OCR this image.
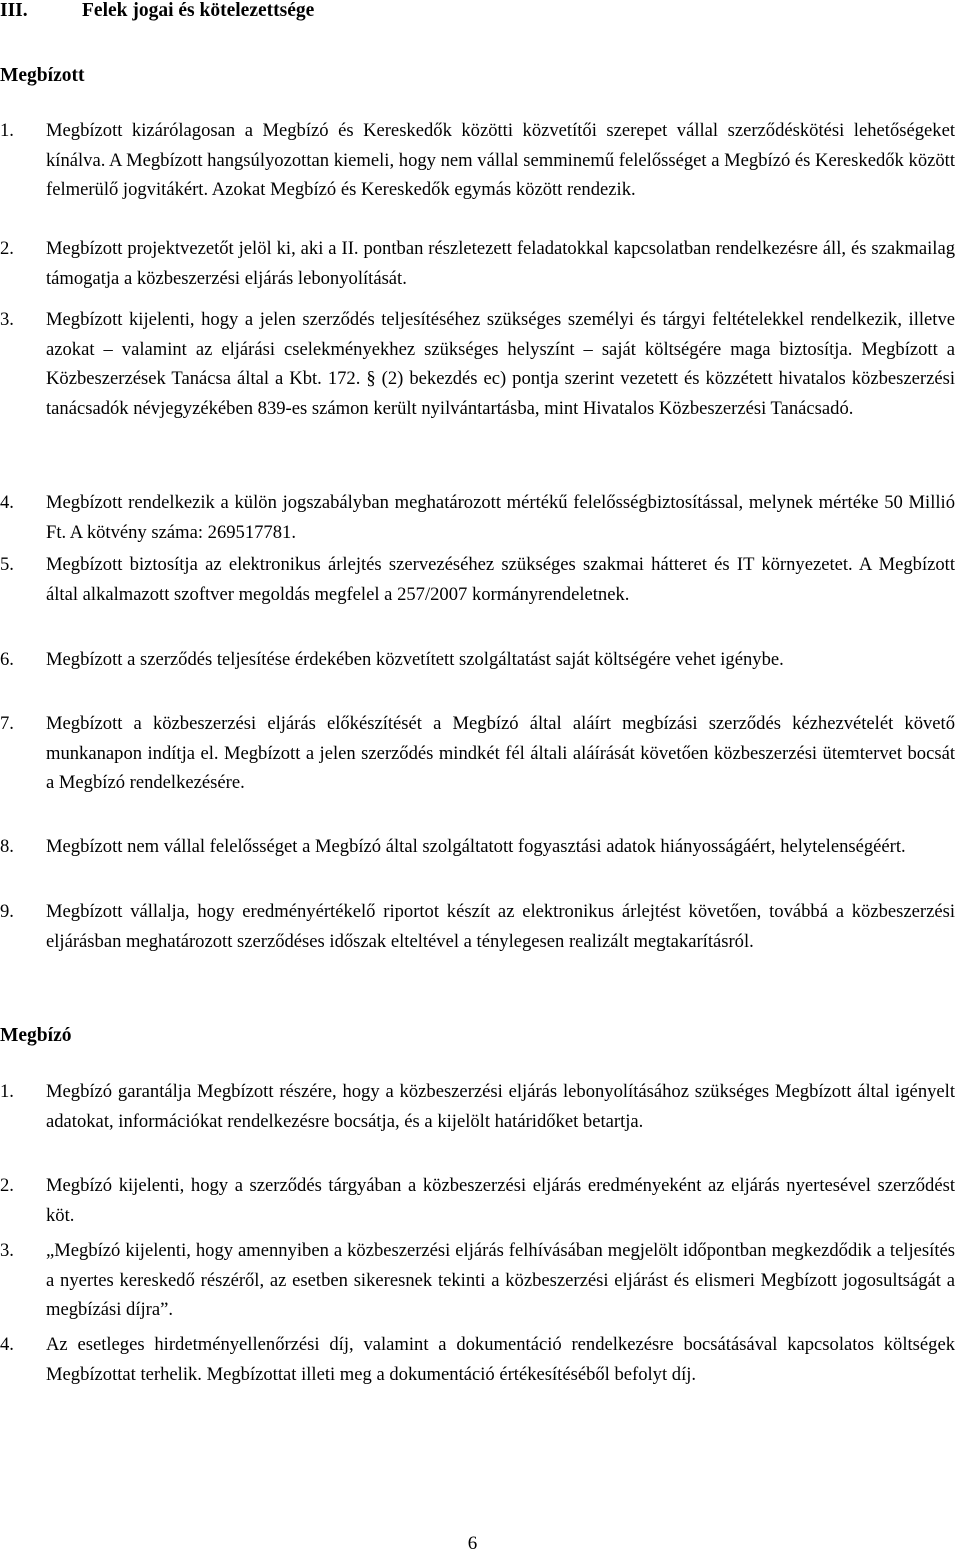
III.	Felek jogai és kötelezettsége
Megbízott
1. Megbízott kizárólagosan a Megbízó és Kereskedők közötti közvetítői szerepet vállal szerződéskötési lehetőségeket kínálva. A Megbízott hangsúlyozottan kiemeli, hogy nem vállal semminemű felelősséget a Megbízó és Kereskedők között felmerülő jogvitákért. Azokat Megbízó és Kereskedők egymás között rendezik.
2. Megbízott projektvezetőt jelöl ki, aki a II. pontban részletezett feladatokkal kapcsolatban rendelkezésre áll, és szakmailag támogatja a közbeszerzési eljárás lebonyolítását.
3. Megbízott kijelenti, hogy a jelen szerződés teljesítéséhez szükséges személyi és tárgyi feltételekkel rendelkezik, illetve azokat – valamint az eljárási cselekményekhez szükséges helyszínt – saját költségére maga biztosítja. Megbízott a Közbeszerzések Tanácsa által a Kbt. 172. § (2) bekezdés ec) pontja szerint vezetett és közzétett hivatalos közbeszerzési tanácsadók névjegyzékében 839-es számon került nyilvántartásba, mint Hivatalos Közbeszerzési Tanácsadó.
4. Megbízott rendelkezik a külön jogszabályban meghatározott mértékű felelősségbiztosítással, melynek mértéke 50 Millió Ft. A kötvény száma: 269517781.
5. Megbízott biztosítja az elektronikus árlejtés szervezéséhez szükséges szakmai hátteret és IT környezetet. A Megbízott által alkalmazott szoftver megoldás megfelel a 257/2007 kormányrendeletnek.
6. Megbízott a szerződés teljesítése érdekében közvetített szolgáltatást saját költségére vehet igénybe.
7. Megbízott a közbeszerzési eljárás előkészítését a Megbízó által aláírt megbízási szerződés kézhezvételét követő munkanapon indítja el. Megbízott a jelen szerződés mindkét fél általi aláírását követően közbeszerzési ütemtervet bocsát a Megbízó rendelkezésére.
8. Megbízott nem vállal felelősséget a Megbízó által szolgáltatott fogyasztási adatok hiányosságáért, helytelenségéért.
9. Megbízott vállalja, hogy eredményértékelő riportot készít az elektronikus árlejtést követően, továbbá a közbeszerzési eljárásban meghatározott szerződéses időszak elteltével a ténylegesen realizált megtakarításról.
Megbízó
1. Megbízó garantálja Megbízott részére, hogy a közbeszerzési eljárás lebonyolításához szükséges Megbízott által igényelt adatokat, információkat rendelkezésre bocsátja, és a kijelölt határidőket betartja.
2. Megbízó kijelenti, hogy a szerződés tárgyában a közbeszerzési eljárás eredményeként az eljárás nyertesével szerződést köt.
3. „Megbízó kijelenti, hogy amennyiben a közbeszerzési eljárás felhívásában megjelölt időpontban megkezdődik a teljesítés a nyertes kereskedő részéről, az esetben sikeresnek tekinti a közbeszerzési eljárást és elismeri Megbízott jogosultságát a megbízási díjra”.
4. Az esetleges hirdetményellenőrzési díj, valamint a dokumentáció rendelkezésre bocsátásával kapcsolatos költségek Megbízottat terhelik. Megbízottat illeti meg a dokumentáció értékesítéséből befolyt díj.
6
